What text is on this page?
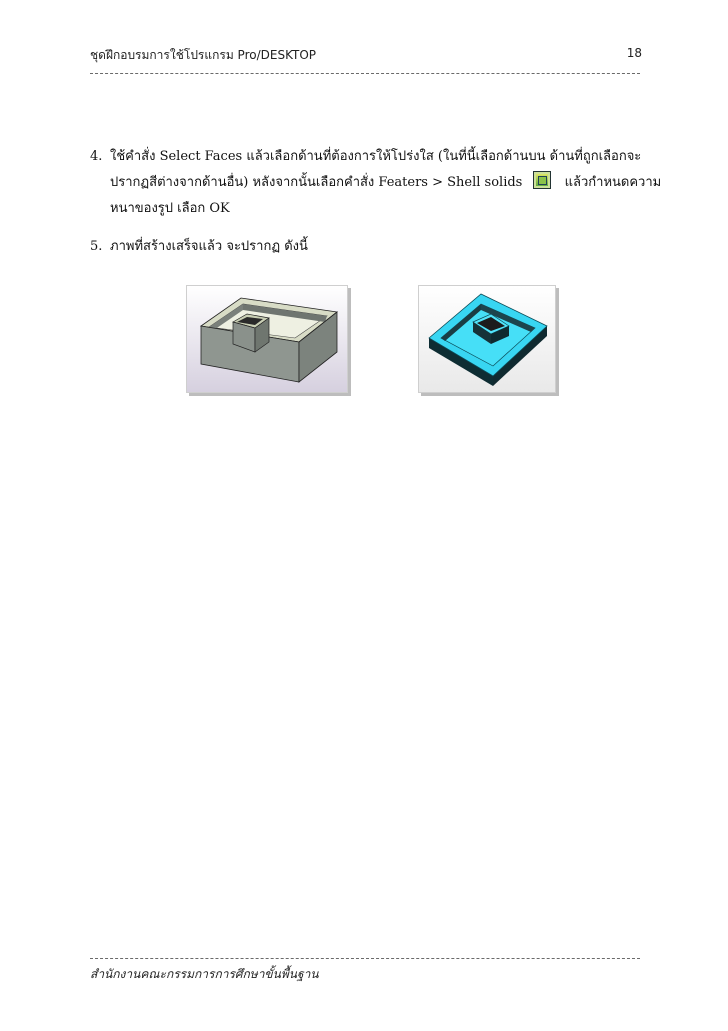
ชุดฝึกอบรมการใช้โปรแกรม Pro/DESKTOP	18
4. ใช้คำสั่ง Select Faces แล้วเลือกด้านที่ต้องการให้โปร่งใส (ในที่นี้เลือกด้านบน ด้านที่ถูกเลือกจะ
ปรากฏสีต่างจากด้านอื่น) หลังจากนั้นเลือกคำสั่ง Featers > Shell solids	แล้วกำหนดความ
หนาของรูป เลือก OK
5. ภาพที่สร้างเสร็จแล้ว จะปรากฏ ดังนี้
สำนักงานคณะกรรมการการศึกษาขั้นพื้นฐาน
